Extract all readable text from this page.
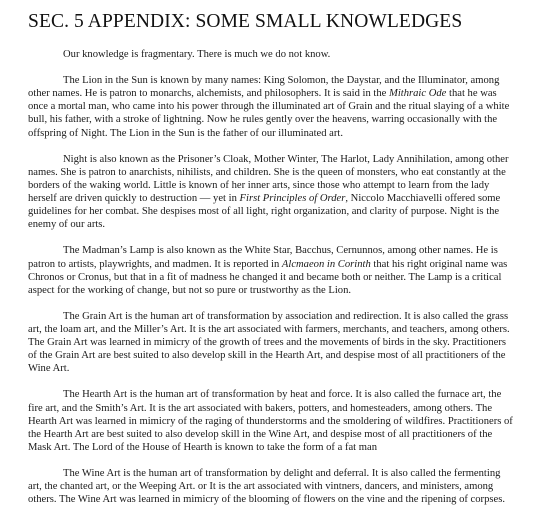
SEC. 5 APPENDIX: SOME SMALL KNOWLEDGES

Our knowledge is fragmentary. There is much we do not know.

The Lion in the Sun is known by many names: King Solomon, the Daystar, and the Illuminator, among other names. He is patron to monarchs, alchemists, and philosophers. It is said in the Mithraic Ode that he was once a mortal man, who came into his power through the illuminated art of Grain and the ritual slaying of a white bull, his father, with a stroke of lightning. Now he rules gently over the heavens, warring occasionally with the offspring of Night. The Lion in the Sun is the father of our illuminated art.

Night is also known as the Prisoner’s Cloak, Mother Winter, The Harlot, Lady Annihilation, among other names. She is patron to anarchists, nihilists, and children. She is the queen of monsters, who eat constantly at the borders of the waking world. Little is known of her inner arts, since those who attempt to learn from the lady herself are driven quickly to destruction — yet in First Principles of Order, Niccolo Macchiavelli offered some guidelines for her combat. She despises most of all light, right organization, and clarity of purpose. Night is the enemy of our arts.

The Madman’s Lamp is also known as the White Star, Bacchus, Cernunnos, among other names. He is patron to artists, playwrights, and madmen. It is reported in Alcmaeon in Corinth that his right original name was Chronos or Cronus, but that in a fit of madness he changed it and became both or neither. The Lamp is a critical aspect for the working of change, but not so pure or trustworthy as the Lion.

The Grain Art is the human art of transformation by association and redirection. It is also called the grass art, the loam art, and the Miller’s Art. It is the art associated with farmers, merchants, and teachers, among others. The Grain Art was learned in mimicry of the growth of trees and the movements of birds in the sky. Practitioners of the Grain Art are best suited to also develop skill in the Hearth Art, and despise most of all practitioners of the Wine Art.

The Hearth Art is the human art of transformation by heat and force. It is also called the furnace art, the fire art, and the Smith’s Art. It is the art associated with bakers, potters, and homesteaders, among others. The Hearth Art was learned in mimicry of the raging of thunderstorms and the smoldering of wildfires. Practitioners of the Hearth Art are best suited to also develop skill in the Wine Art, and despise most of all practitioners of the Mask Art. The Lord of the House of Hearth is known to take the form of a fat man

The Wine Art is the human art of transformation by delight and deferral. It is also called the fermenting art, the chanted art, or the Weeping Art. or It is the art associated with vintners, dancers, and ministers, among others. The Wine Art was learned in mimicry of the blooming of flowers on the vine and the ripening of corpses.
